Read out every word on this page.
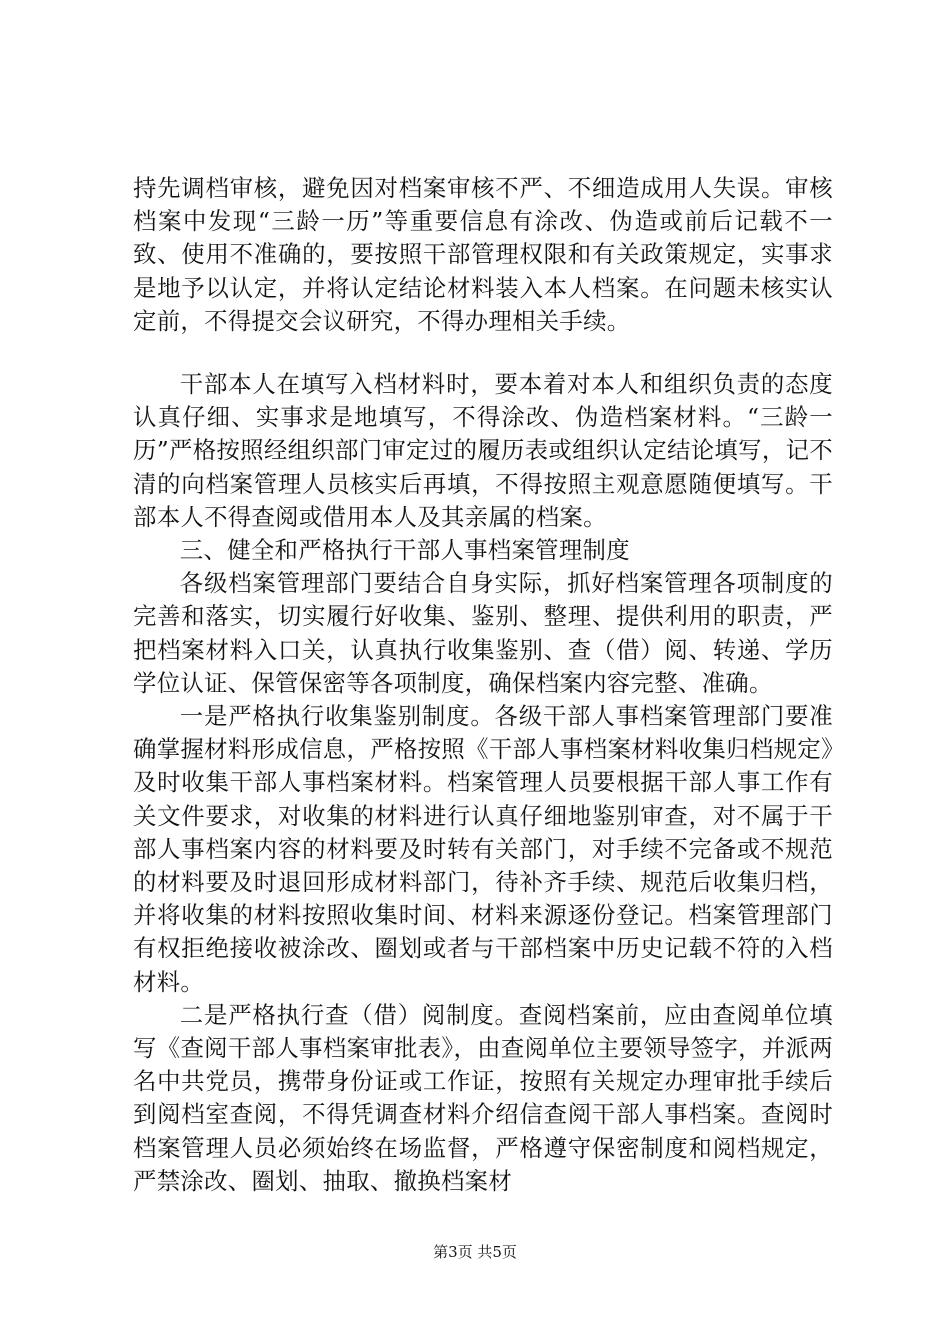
持先调档审核，避免因对档案审核不严、不细造成用人失误。审核档案中发现“三龄一历”等重要信息有涂改、伪造或前后记载不一致、使用不准确的，要按照干部管理权限和有关政策规定，实事求是地予以认定，并将认定结论材料装入本人档案。在问题未核实认定前，不得提交会议研究，不得办理相关手续。

干部本人在填写入档材料时，要本着对本人和组织负责的态度认真仔细、实事求是地填写，不得涂改、伪造档案材料。“三龄一历”严格按照经组织部门审定过的履历表或组织认定结论填写，记不清的向档案管理人员核实后再填，不得按照主观意愿随便填写。干部本人不得查阅或借用本人及其亲属的档案。

三、健全和严格执行干部人事档案管理制度

各级档案管理部门要结合自身实际，抓好档案管理各项制度的完善和落实，切实履行好收集、鉴别、整理、提供利用的职责，严把档案材料入口关，认真执行收集鉴别、查（借）阅、转递、学历学位认证、保管保密等各项制度，确保档案内容完整、准确。

一是严格执行收集鉴别制度。各级干部人事档案管理部门要准确掌握材料形成信息，严格按照《干部人事档案材料收集归档规定》及时收集干部人事档案材料。档案管理人员要根据干部人事工作有关文件要求，对收集的材料进行认真仔细地鉴别审查，对不属于干部人事档案内容的材料要及时转有关部门，对手续不完备或不规范的材料要及时退回形成材料部门，待补齐手续、规范后收集归档，并将收集的材料按照收集时间、材料来源逐份登记。档案管理部门有权拒绝接收被涂改、圈划或者与干部档案中历史记载不符的入档材料。

二是严格执行查（借）阅制度。查阅档案前，应由查阅单位填写《查阅干部人事档案审批表》，由查阅单位主要领导签字，并派两名中共党员，携带身份证或工作证，按照有关规定办理审批手续后到阅档室查阅，不得凭调查材料介绍信查阅干部人事档案。查阅时档案管理人员必须始终在场监督，严格遵守保密制度和阅档规定，严禁涂改、圈划、抽取、撤换档案材

第3页 共5页
